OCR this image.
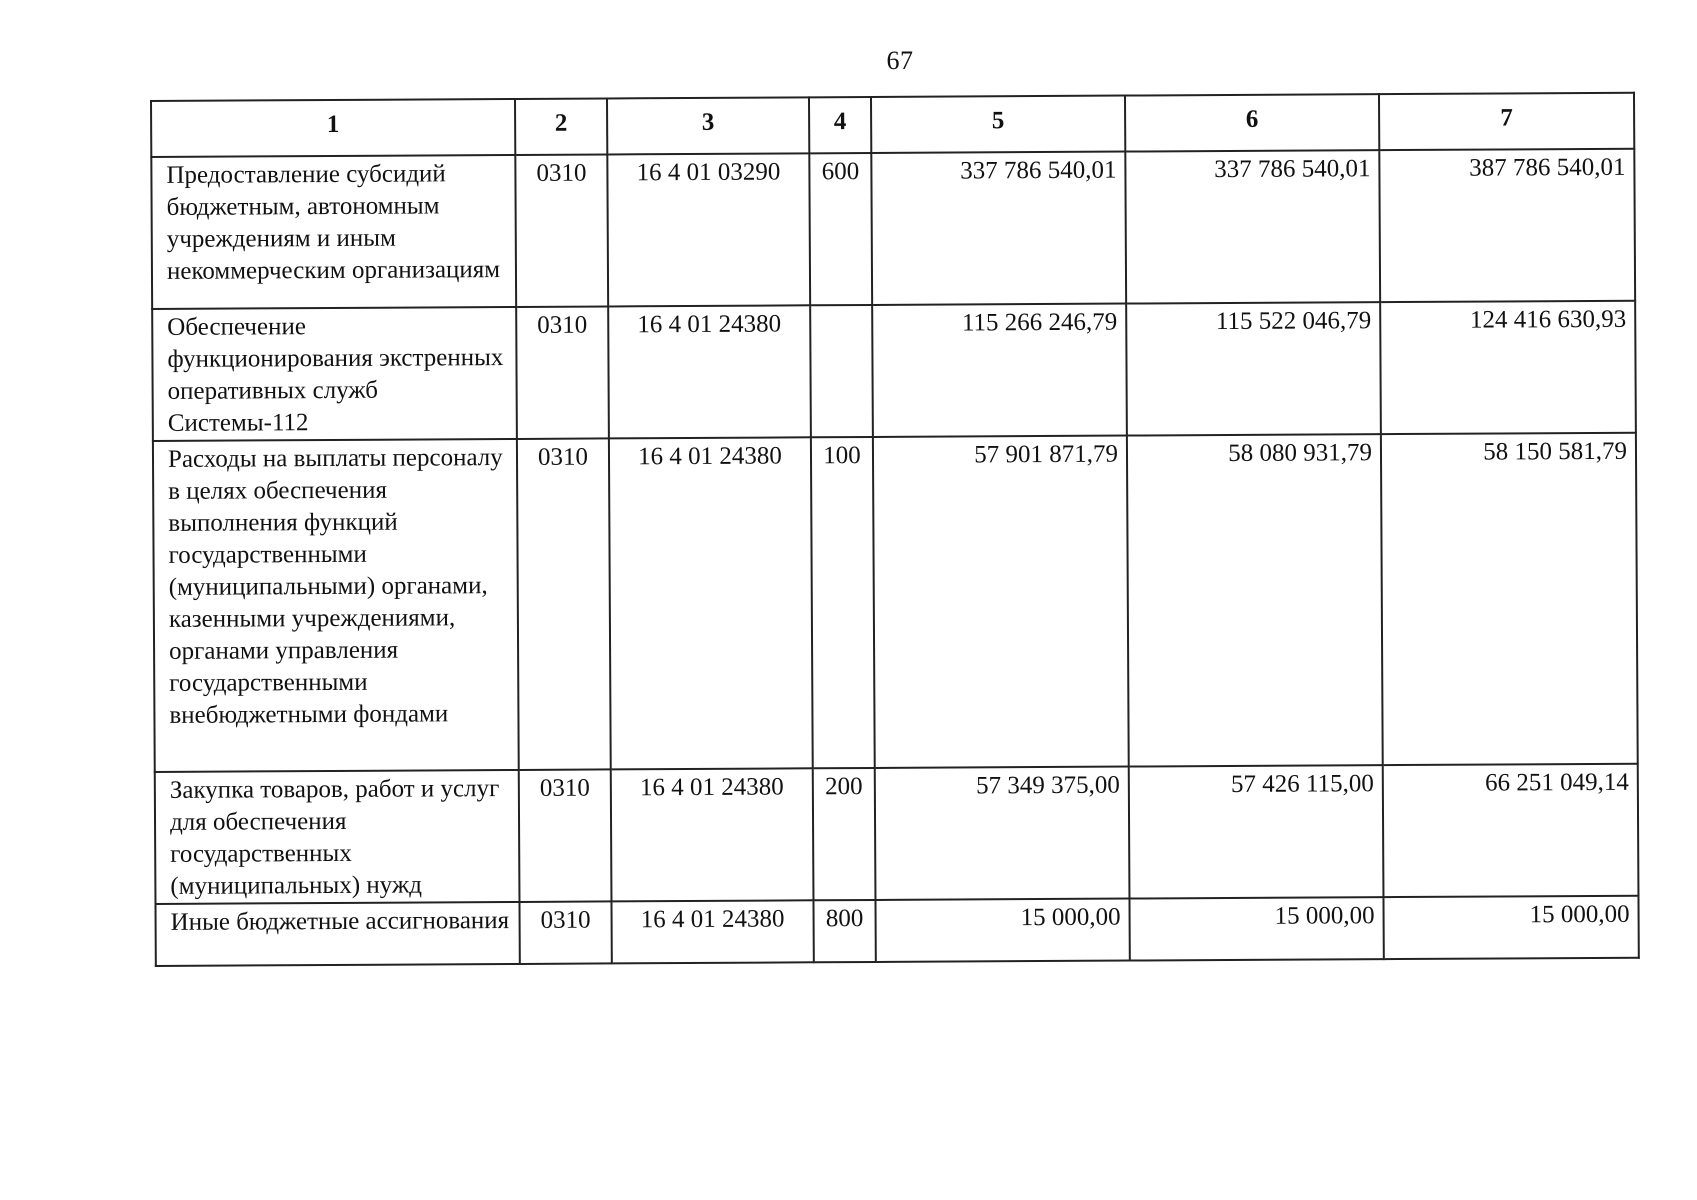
67
1	2	3	4	5	6	7
Предоставление субсидий бюджетным, автономным учреждениям и иным некоммерческим организациям	0310	16 4 01 03290	600	337 786 540,01	337 786 540,01	387 786 540,01
Обеспечение функционирования экстренных оперативных служб Системы-112	0310	16 4 01 24380		115 266 246,79	115 522 046,79	124 416 630,93
Расходы на выплаты персоналу в целях обеспечения выполнения функций государственными (муниципальными) органами, казенными учреждениями, органами управления государственными внебюджетными фондами	0310	16 4 01 24380	100	57 901 871,79	58 080 931,79	58 150 581,79
Закупка товаров, работ и услуг для обеспечения государственных (муниципальных) нужд	0310	16 4 01 24380	200	57 349 375,00	57 426 115,00	66 251 049,14
Иные бюджетные ассигнования	0310	16 4 01 24380	800	15 000,00	15 000,00	15 000,00
